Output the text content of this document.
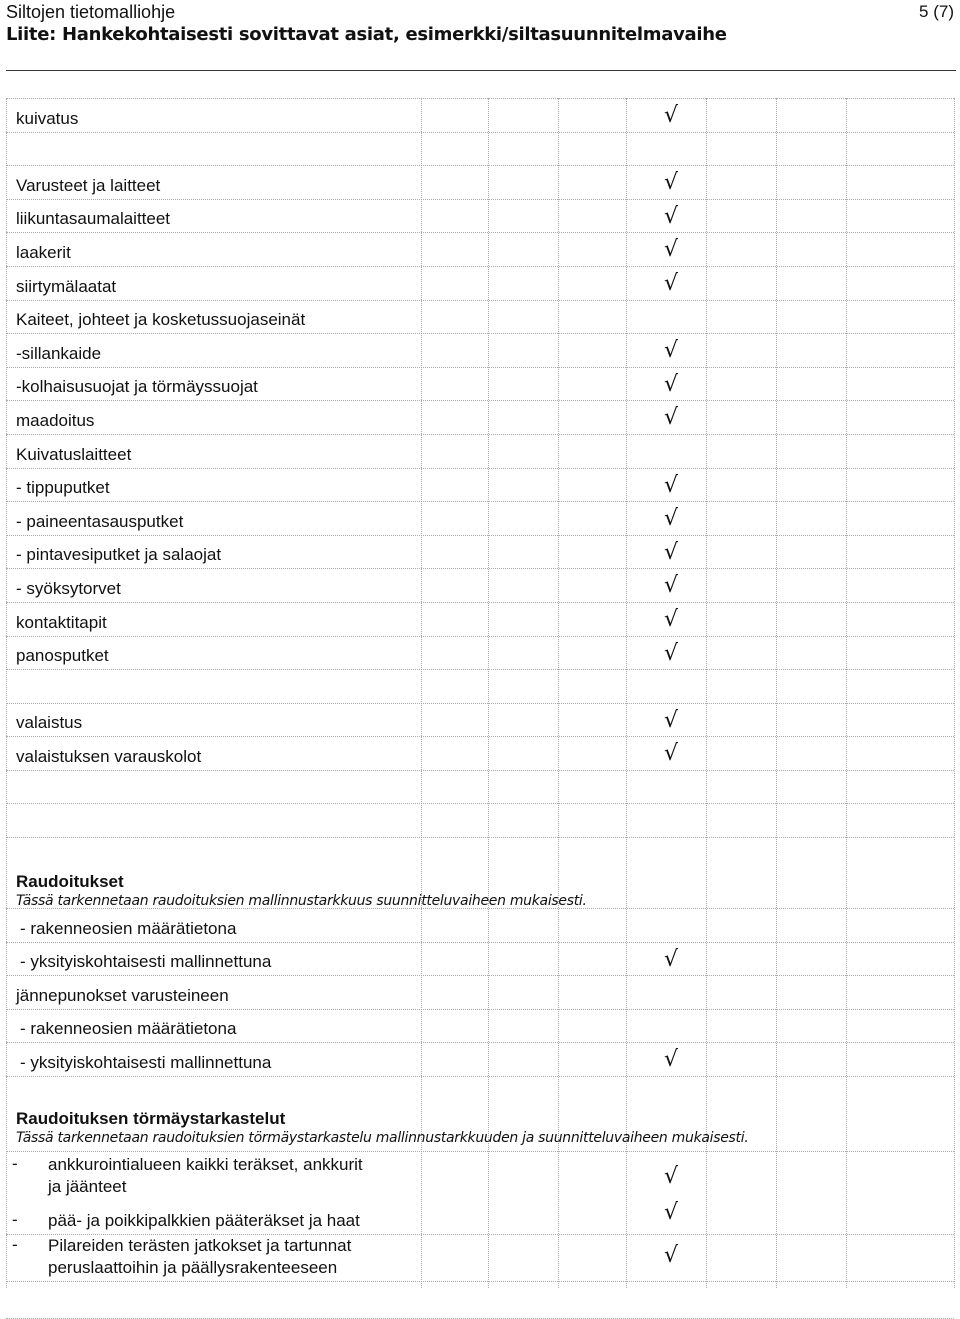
Siltojen tietomalliohje	5 (7)
Liite: Hankekohtaisesti sovittavat asiat, esimerkki/siltasuunnitelmavaihe
kuivatus	√
Varusteet ja laitteet	√
liikuntasaumalaitteet	√
laakerit	√
siirtymälaatat	√
Kaiteet, johteet ja kosketussuojaseinät
-sillankaide	√
-kolhaisusuojat ja törmäyssuojat	√
maadoitus	√
Kuivatuslaitteet
- tippuputket	√
- paineentasausputket	√
- pintavesiputket ja salaojat	√
- syöksytorvet	√
kontaktitapit	√
panosputket	√
valaistus	√
valaistuksen varauskolot	√
Raudoitukset
Tässä tarkennetaan raudoituksien mallinnustarkkuus suunnitteluvaiheen mukaisesti.
- rakenneosien määrätietona
- yksityiskohtaisesti mallinnettuna	√
jännepunokset varusteineen
- rakenneosien määrätietona
- yksityiskohtaisesti mallinnettuna	√
Raudoituksen törmäystarkastelut
Tässä tarkennetaan raudoituksien törmäystarkastelu mallinnustarkkuuden ja suunnitteluvaiheen mukaisesti.
- ankkurointialueen kaikki teräkset, ankkurit
ja jäänteet	√
- pää- ja poikkipalkkien pääteräkset ja haat	√
- Pilareiden terästen jatkokset ja tartunnat
peruslaattoihin ja päällysrakenteeseen	√
